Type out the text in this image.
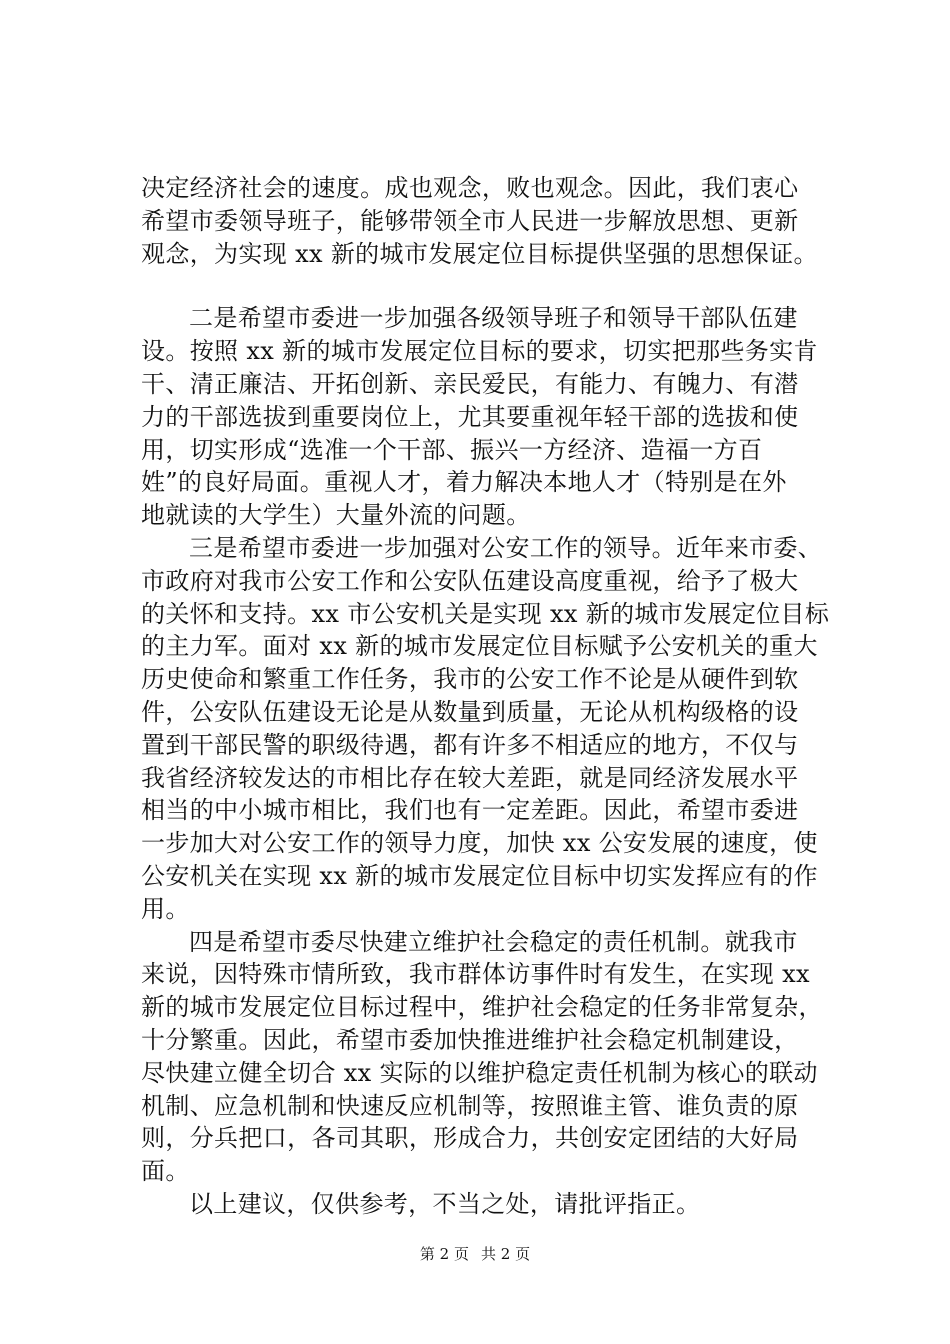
决定经济社会的速度。成也观念，败也观念。因此，我们衷心
希望市委领导班子，能够带领全市人民进一步解放思想、更新
观念，为实现 xx 新的城市发展定位目标提供坚强的思想保证。
二是希望市委进一步加强各级领导班子和领导干部队伍建
设。按照 xx 新的城市发展定位目标的要求，切实把那些务实肯
干、清正廉洁、开拓创新、亲民爱民，有能力、有魄力、有潜
力的干部选拔到重要岗位上，尤其要重视年轻干部的选拔和使
用，切实形成“选准一个干部、振兴一方经济、造福一方百
姓”的良好局面。重视人才，着力解决本地人才（特别是在外
地就读的大学生）大量外流的问题。
三是希望市委进一步加强对公安工作的领导。近年来市委、
市政府对我市公安工作和公安队伍建设高度重视，给予了极大
的关怀和支持。xx 市公安机关是实现 xx 新的城市发展定位目标
的主力军。面对 xx 新的城市发展定位目标赋予公安机关的重大
历史使命和繁重工作任务，我市的公安工作不论是从硬件到软
件，公安队伍建设无论是从数量到质量，无论从机构级格的设
置到干部民警的职级待遇，都有许多不相适应的地方，不仅与
我省经济较发达的市相比存在较大差距，就是同经济发展水平
相当的中小城市相比，我们也有一定差距。因此，希望市委进
一步加大对公安工作的领导力度，加快 xx 公安发展的速度，使
公安机关在实现 xx 新的城市发展定位目标中切实发挥应有的作
用。
四是希望市委尽快建立维护社会稳定的责任机制。就我市
来说，因特殊市情所致，我市群体访事件时有发生，在实现 xx
新的城市发展定位目标过程中，维护社会稳定的任务非常复杂，
十分繁重。因此，希望市委加快推进维护社会稳定机制建设，
尽快建立健全切合 xx 实际的以维护稳定责任机制为核心的联动
机制、应急机制和快速反应机制等，按照谁主管、谁负责的原
则，分兵把口，各司其职，形成合力，共创安定团结的大好局
面。
以上建议，仅供参考，不当之处，请批评指正。
第 2 页 共 2 页
